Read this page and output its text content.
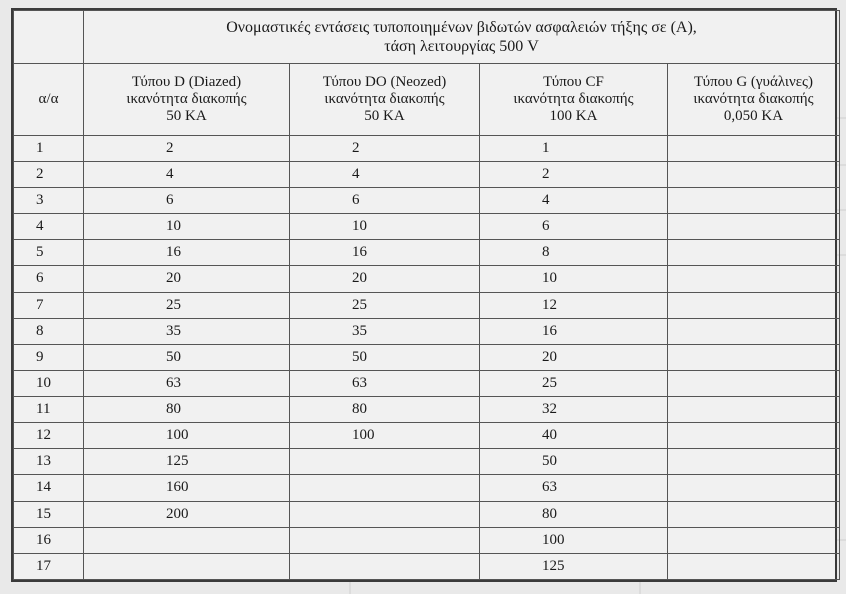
	Ονομαστικές εντάσεις τυποποιημένων βιδωτών ασφαλειών τήξης σε (Α),
τάση λειτουργίας 500 V			
α/α	Τύπου D (Diazed)
ικανότητα διακοπής
50 KA	Τύπου DO (Neozed)
ικανότητα διακοπής
50 KA	Τύπου CF
ικανότητα διακοπής
100 KA	Τύπου G (γυάλινες)
ικανότητα διακοπής
0,050 KA

1	2	2	1	
2	4	4	2	
3	6	6	4	
4	10	10	6	
5	16	16	8	
6	20	20	10	
7	25	25	12	
8	35	35	16	
9	50	50	20	
10	63	63	25	
11	80	80	32	
12	100	100	40	
13	125		50	
14	160		63	
15	200		80	
16			100	
17			125	
